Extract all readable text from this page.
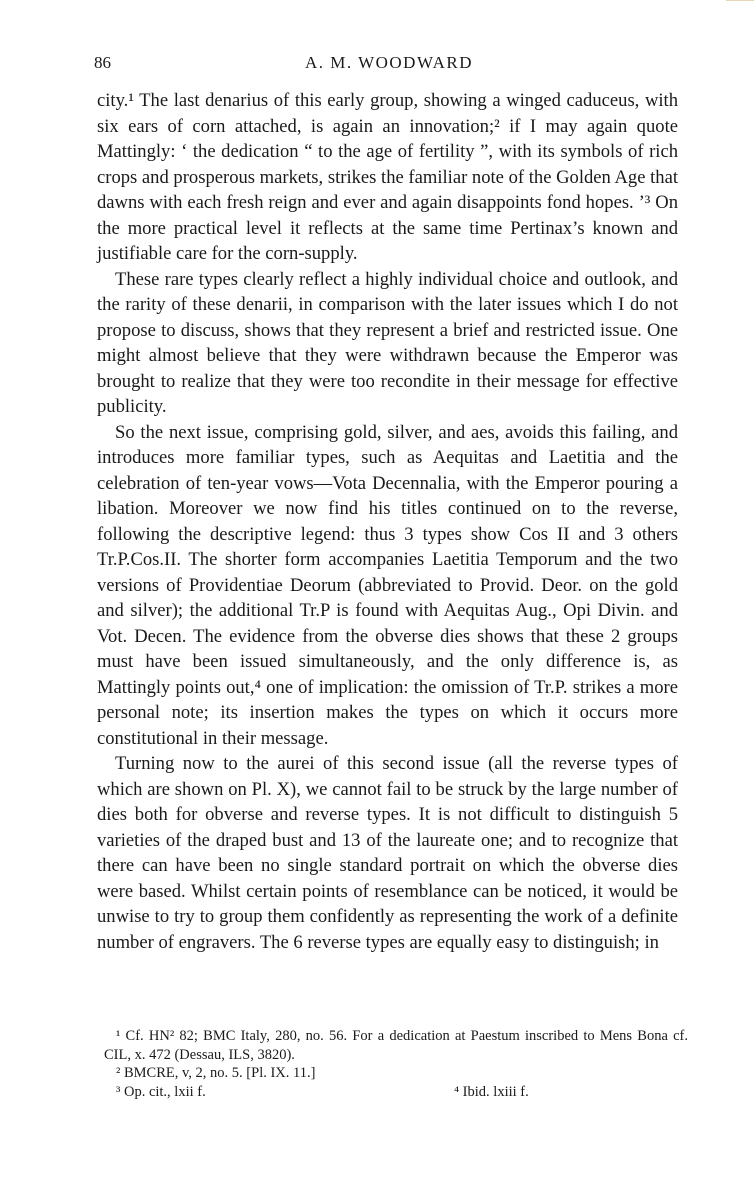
86	A. M. WOODWARD

city.¹ The last denarius of this early group, showing a winged caduceus, with six ears of corn attached, is again an innovation;² if I may again quote Mattingly: ‘ the dedication “ to the age of fertility ”, with its symbols of rich crops and prosperous markets, strikes the familiar note of the Golden Age that dawns with each fresh reign and ever and again disappoints fond hopes. ’³ On the more practical level it reflects at the same time Pertinax’s known and justifiable care for the corn-supply.

These rare types clearly reflect a highly individual choice and outlook, and the rarity of these denarii, in comparison with the later issues which I do not propose to discuss, shows that they represent a brief and restricted issue. One might almost believe that they were withdrawn because the Emperor was brought to realize that they were too recondite in their message for effective publicity.

So the next issue, comprising gold, silver, and aes, avoids this failing, and introduces more familiar types, such as Aequitas and Laetitia and the celebration of ten-year vows—Vota Decennalia, with the Emperor pouring a libation. Moreover we now find his titles continued on to the reverse, following the descriptive legend: thus 3 types show Cos II and 3 others Tr.P.Cos.II. The shorter form accompanies Laetitia Temporum and the two versions of Providentiae Deorum (abbreviated to Provid. Deor. on the gold and silver); the additional Tr.P is found with Aequitas Aug., Opi Divin. and Vot. Decen. The evidence from the obverse dies shows that these 2 groups must have been issued simultaneously, and the only difference is, as Mattingly points out,⁴ one of implication: the omission of Tr.P. strikes a more personal note; its insertion makes the types on which it occurs more constitutional in their message.

Turning now to the aurei of this second issue (all the reverse types of which are shown on Pl. X), we cannot fail to be struck by the large number of dies both for obverse and reverse types. It is not difficult to distinguish 5 varieties of the draped bust and 13 of the laureate one; and to recognize that there can have been no single standard portrait on which the obverse dies were based. Whilst certain points of resemblance can be noticed, it would be unwise to try to group them confidently as representing the work of a definite number of engravers. The 6 reverse types are equally easy to distinguish; in

¹ Cf. HN² 82; BMC Italy, 280, no. 56. For a dedication at Paestum inscribed to Mens Bona cf. CIL, x. 472 (Dessau, ILS, 3820).

² BMCRE, v, 2, no. 5. [Pl. IX. 11.]

³ Op. cit., lxii f.	⁴ Ibid. lxiii f.
